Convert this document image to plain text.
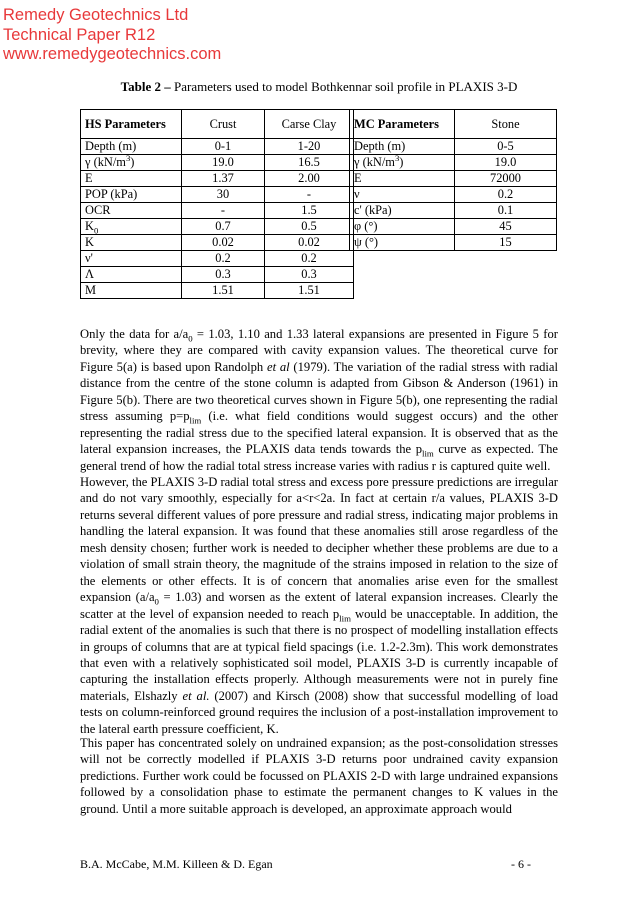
Remedy Geotechnics Ltd
Technical Paper R12
www.remedygeotechnics.com
Table 2 – Parameters used to model Bothkennar soil profile in PLAXIS 3-D
HS Parameters	Crust	Carse Clay
Depth (m)	0-1	1-20
γ $(kN/m^3)$	19.0	16.5
E	1.37	2.00
POP (kPa)	30	-
OCR	-	1.5
$K_0$	0.7	0.5
K	0.02	0.02
ν'	0.2	0.2
Λ	0.3	0.3
M	1.51	1.51
MC Parameters	Stone
Depth (m)	0-5
γ $(kN/m^3)$	19.0
E	72000
ν	0.2
c' (kPa)	0.1
φ (°)	45
ψ (°)	15

Only the data for $a/a_0 = 1.03$, 1.10 and 1.33 lateral expansions are presented in Figure 5 for brevity, where they are compared with cavity expansion values. The theoretical curve for Figure 5(a) is based upon Randolph et al (1979). The variation of the radial stress with radial distance from the centre of the stone column is adapted from Gibson & Anderson (1961) in Figure 5(b). There are two theoretical curves shown in Figure 5(b), one representing the radial stress assuming $p=p_{lim}$ (i.e. what field conditions would suggest occurs) and the other representing the radial stress due to the specified lateral expansion. It is observed that as the lateral expansion increases, the PLAXIS data tends towards the $p_{lim}$ curve as expected. The general trend of how the radial total stress increase varies with radius r is captured quite well.

However, the PLAXIS 3-D radial total stress and excess pore pressure predictions are irregular and do not vary smoothly, especially for a<r<2a. In fact at certain r/a values, PLAXIS 3-D returns several different values of pore pressure and radial stress, indicating major problems in handling the lateral expansion. It was found that these anomalies still arose regardless of the mesh density chosen; further work is needed to decipher whether these problems are due to a violation of small strain theory, the magnitude of the strains imposed in relation to the size of the elements or other effects. It is of concern that anomalies arise even for the smallest expansion $(a/a_0 = 1.03)$ and worsen as the extent of lateral expansion increases. Clearly the scatter at the level of expansion needed to reach $p_{lim}$ would be unacceptable. In addition, the radial extent of the anomalies is such that there is no prospect of modelling installation effects in groups of columns that are at typical field spacings (i.e. 1.2-2.3m). This work demonstrates that even with a relatively sophisticated soil model, PLAXIS 3-D is currently incapable of capturing the installation effects properly. Although measurements were not in purely fine materials, Elshazly et al. (2007) and Kirsch (2008) show that successful modelling of load tests on column-reinforced ground requires the inclusion of a post-installation improvement to the lateral earth pressure coefficient, K.

This paper has concentrated solely on undrained expansion; as the post-consolidation stresses will not be correctly modelled if PLAXIS 3-D returns poor undrained cavity expansion predictions. Further work could be focussed on PLAXIS 2-D with large undrained expansions followed by a consolidation phase to estimate the permanent changes to K values in the ground. Until a more suitable approach is developed, an approximate approach would

B.A. McCabe, M.M. Killeen & D. Egan	- 6 -
